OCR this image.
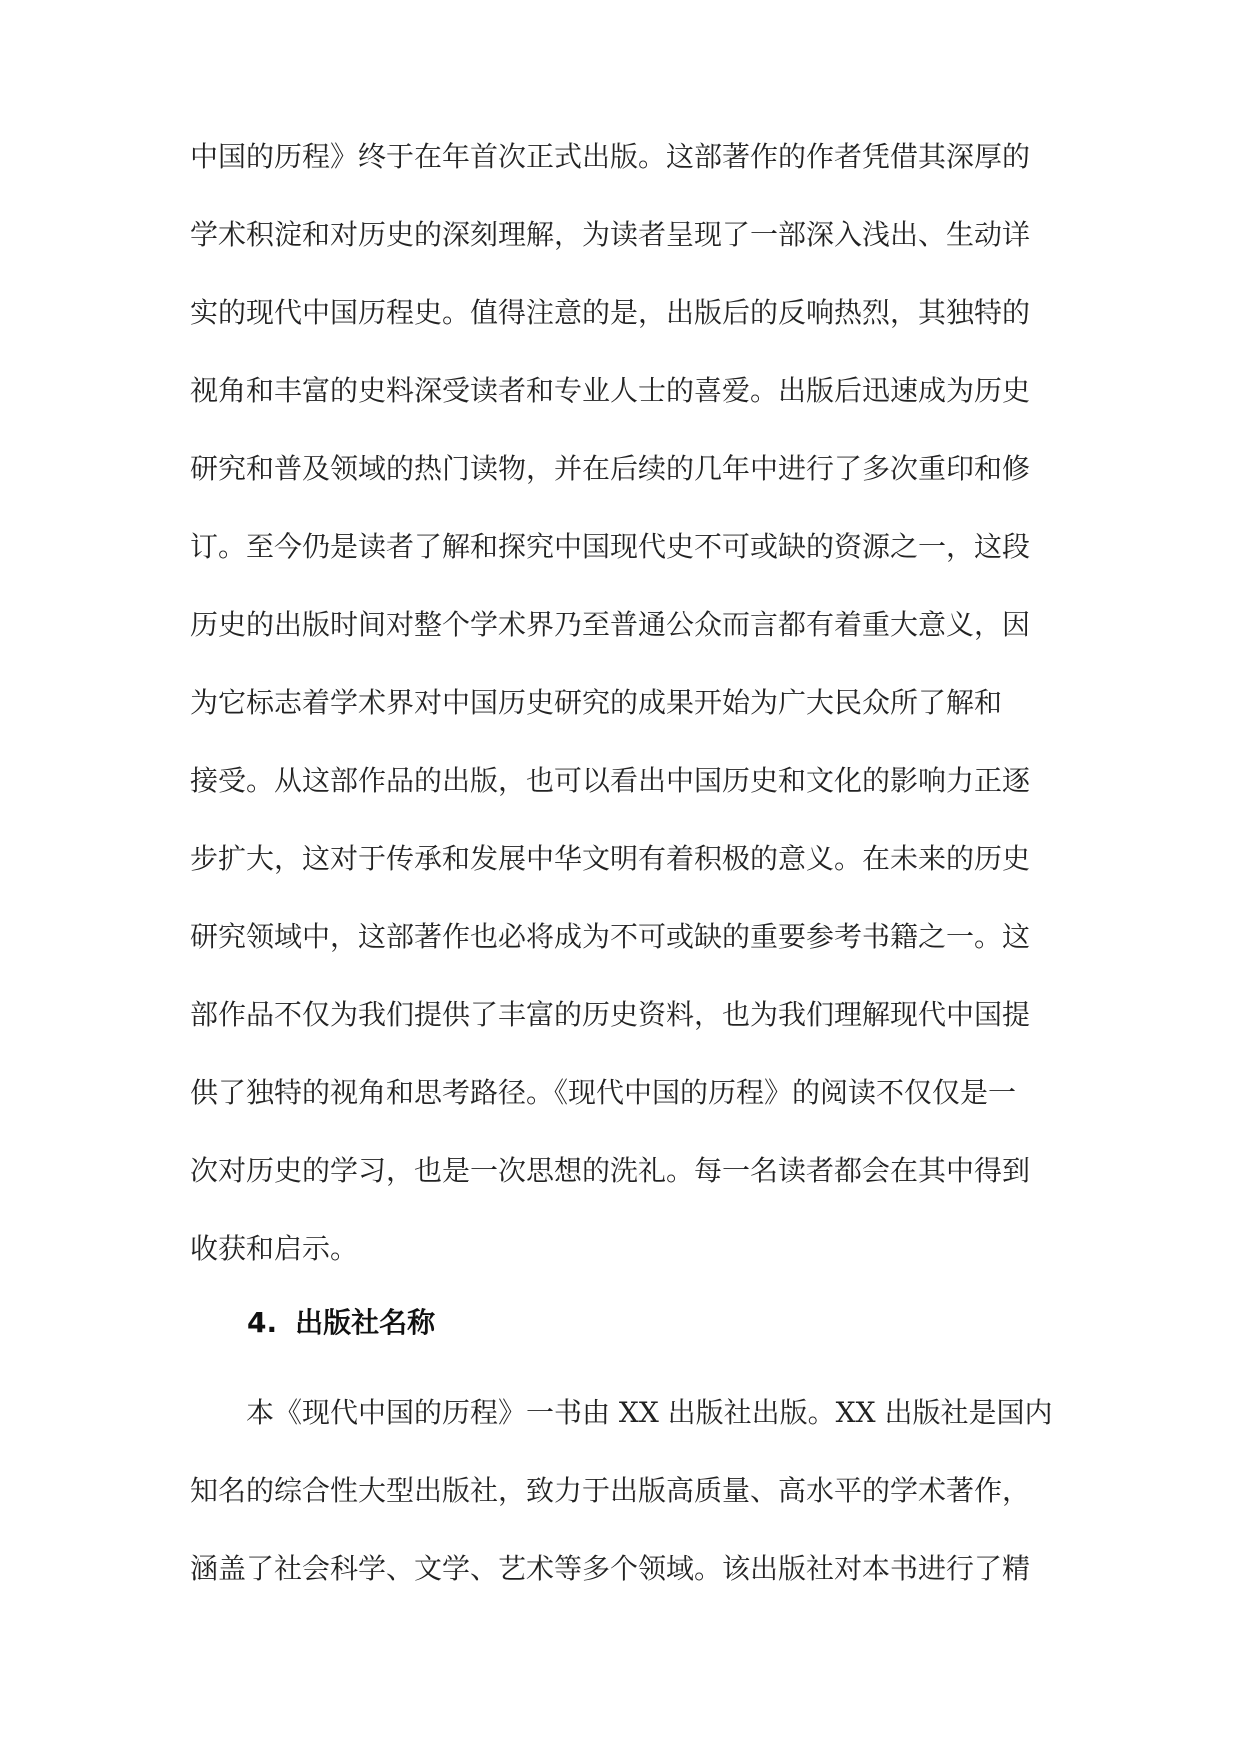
中国的历程》终于在年首次正式出版。这部著作的作者凭借其深厚的
学术积淀和对历史的深刻理解，为读者呈现了一部深入浅出、生动详
实的现代中国历程史。值得注意的是，出版后的反响热烈，其独特的
视角和丰富的史料深受读者和专业人士的喜爱。出版后迅速成为历史
研究和普及领域的热门读物，并在后续的几年中进行了多次重印和修
订。至今仍是读者了解和探究中国现代史不可或缺的资源之一，这段
历史的出版时间对整个学术界乃至普通公众而言都有着重大意义，因
为它标志着学术界对中国历史研究的成果开始为广大民众所了解和
接受。从这部作品的出版，也可以看出中国历史和文化的影响力正逐
步扩大，这对于传承和发展中华文明有着积极的意义。在未来的历史
研究领域中，这部著作也必将成为不可或缺的重要参考书籍之一。这
部作品不仅为我们提供了丰富的历史资料，也为我们理解现代中国提
供了独特的视角和思考路径。《现代中国的历程》的阅读不仅仅是一
次对历史的学习，也是一次思想的洗礼。每一名读者都会在其中得到
收获和启示。
4. 出版社名称
本《现代中国的历程》一书由 XX 出版社出版。XX 出版社是国内
知名的综合性大型出版社，致力于出版高质量、高水平的学术著作，
涵盖了社会科学、文学、艺术等多个领域。该出版社对本书进行了精
